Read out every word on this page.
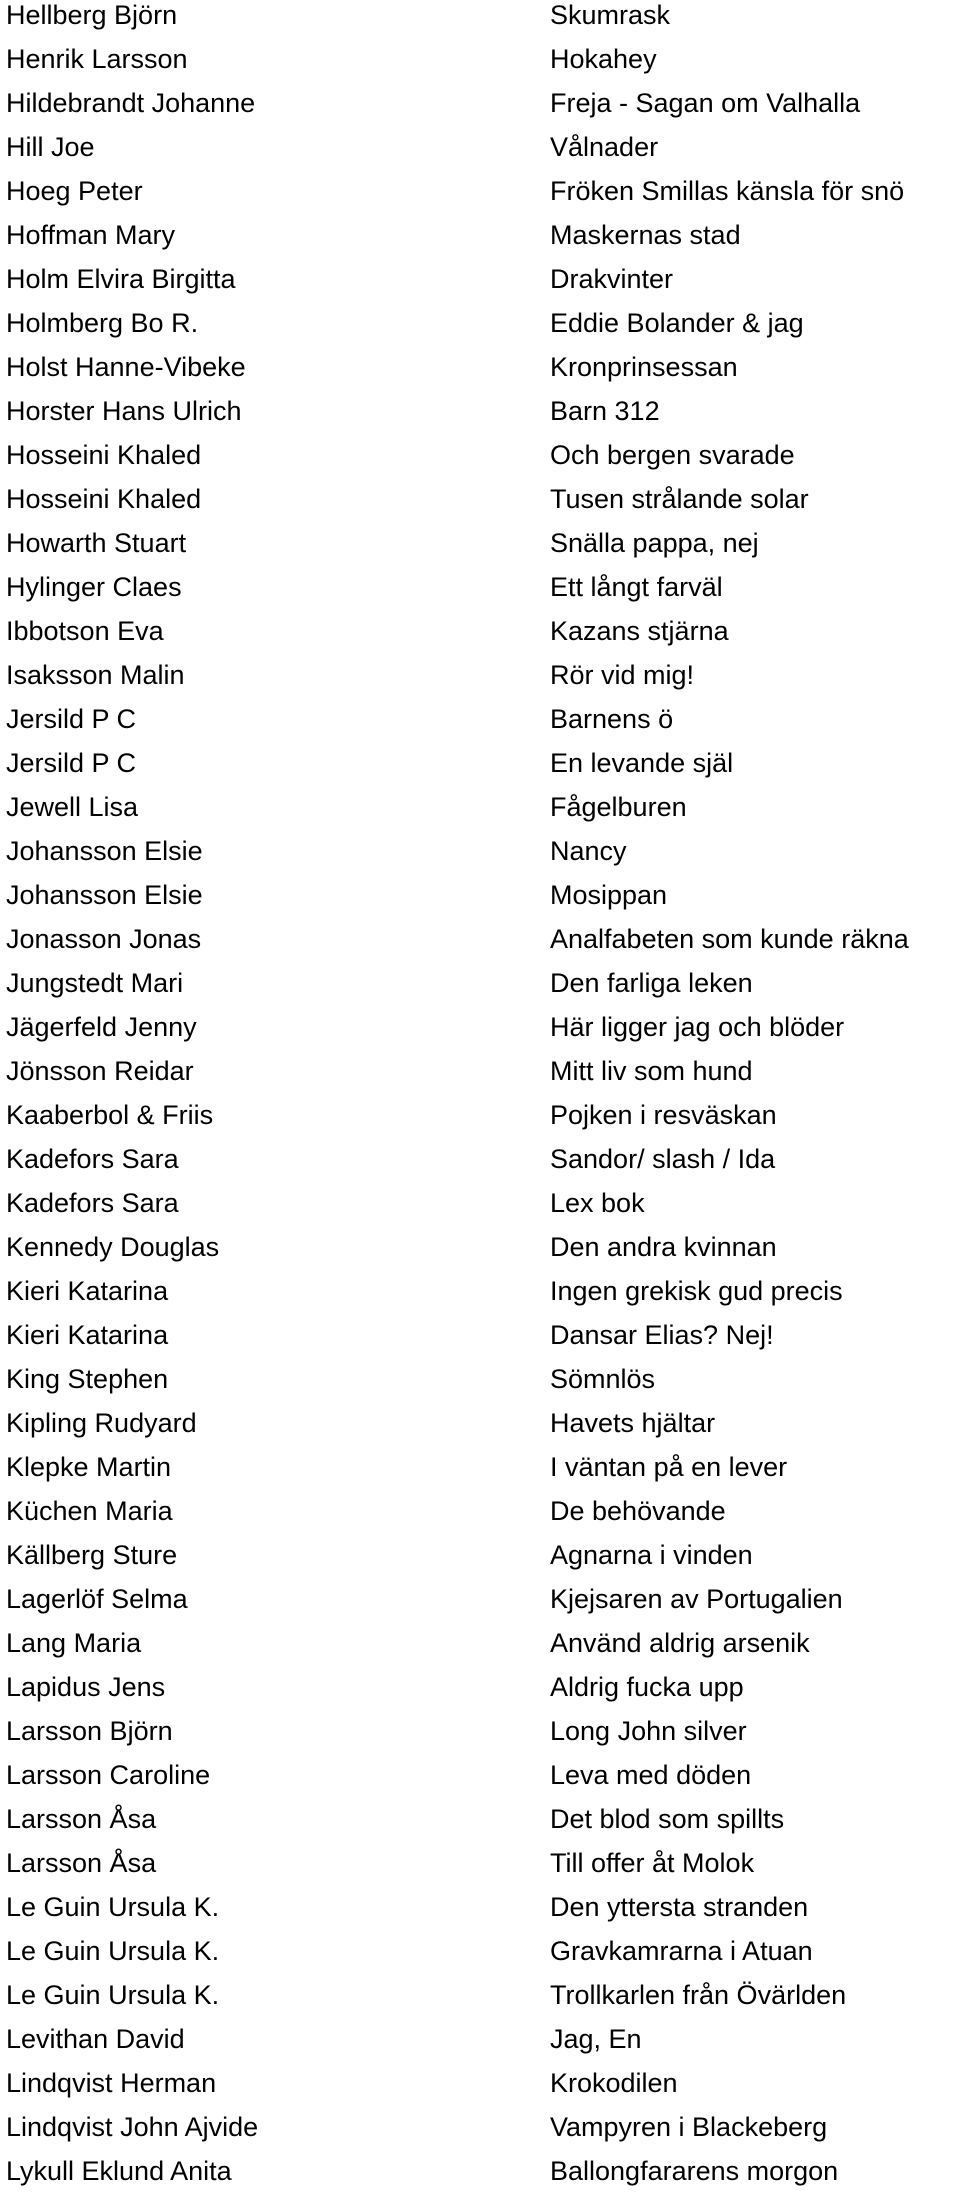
Hellberg Björn	Skumrask
Henrik Larsson	Hokahey
Hildebrandt Johanne	Freja - Sagan om Valhalla
Hill Joe	Vålnader
Hoeg Peter	Fröken Smillas känsla för snö
Hoffman Mary	Maskernas stad
Holm Elvira Birgitta	Drakvinter
Holmberg Bo R.	Eddie Bolander & jag
Holst Hanne-Vibeke	Kronprinsessan
Horster Hans Ulrich	Barn 312
Hosseini Khaled	Och bergen svarade
Hosseini Khaled	Tusen strålande solar
Howarth Stuart	Snälla pappa, nej
Hylinger Claes	Ett långt farväl
Ibbotson Eva	Kazans stjärna
Isaksson Malin	Rör vid mig!
Jersild P C	Barnens ö
Jersild P C	En levande själ
Jewell Lisa	Fågelburen
Johansson Elsie	Nancy
Johansson Elsie	Mosippan
Jonasson Jonas	Analfabeten som kunde räkna
Jungstedt Mari	Den farliga leken
Jägerfeld Jenny	Här ligger jag och blöder
Jönsson Reidar	Mitt liv som hund
Kaaberbol & Friis	Pojken i resväskan
Kadefors Sara	Sandor/ slash / Ida
Kadefors Sara	Lex bok
Kennedy Douglas	Den andra kvinnan
Kieri Katarina	Ingen grekisk gud precis
Kieri Katarina	Dansar Elias? Nej!
King Stephen	Sömnlös
Kipling Rudyard	Havets hjältar
Klepke Martin	I väntan på en lever
Küchen Maria	De behövande
Källberg Sture	Agnarna i vinden
Lagerlöf Selma	Kjejsaren av Portugalien
Lang Maria	Använd aldrig arsenik
Lapidus Jens	Aldrig fucka upp
Larsson Björn	Long John silver
Larsson Caroline	Leva med döden
Larsson Åsa	Det blod som spillts
Larsson Åsa	Till offer åt Molok
Le Guin Ursula K.	Den yttersta stranden
Le Guin Ursula K.	Gravkamrarna i Atuan
Le Guin Ursula K.	Trollkarlen från Övärlden
Levithan David	Jag, En
Lindqvist Herman	Krokodilen
Lindqvist John Ajvide	Vampyren i Blackeberg
Lykull Eklund Anita	Ballongfararens morgon
